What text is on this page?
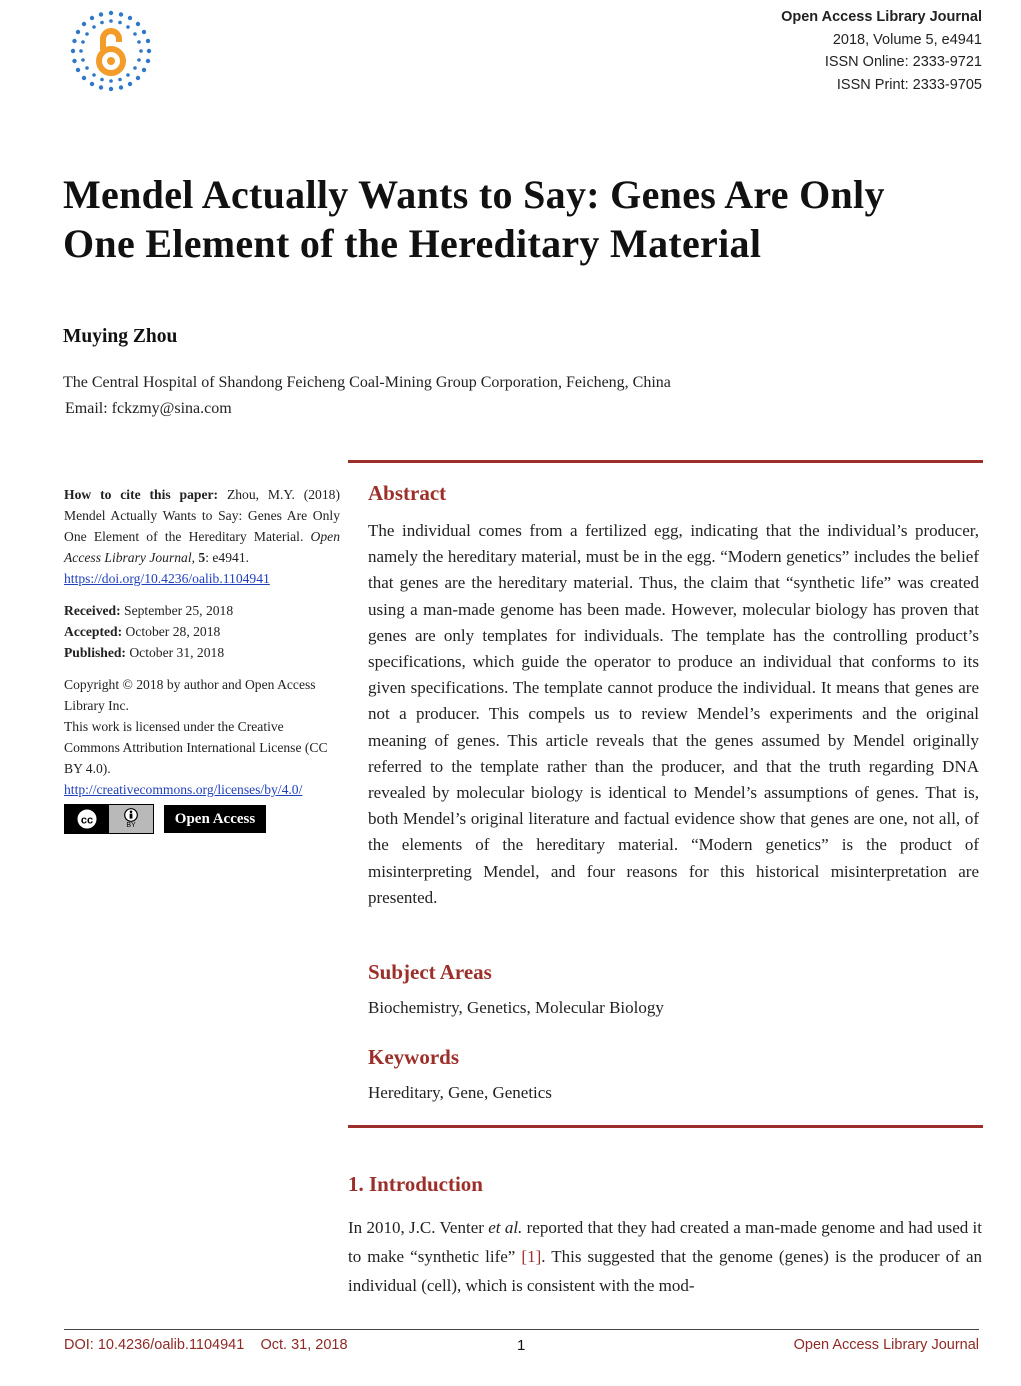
Open Access Library Journal
2018, Volume 5, e4941
ISSN Online: 2333-9721
ISSN Print: 2333-9705
Mendel Actually Wants to Say: Genes Are Only
One Element of the Hereditary Material
Muying Zhou
The Central Hospital of Shandong Feicheng Coal-Mining Group Corporation, Feicheng, China
Email: fckzmy@sina.com
How to cite this paper: Zhou, M.Y. (2018) Mendel Actually Wants to Say: Genes Are Only One Element of the Hereditary Material. Open Access Library Journal, 5: e4941.
https://doi.org/10.4236/oalib.1104941
Received: September 25, 2018
Accepted: October 28, 2018
Published: October 31, 2018
Copyright © 2018 by author and Open Access Library Inc.
This work is licensed under the Creative Commons Attribution International License (CC BY 4.0).
http://creativecommons.org/licenses/by/4.0/
cc	BY	Open Access
Abstract
The individual comes from a fertilized egg, indicating that the individual’s producer, namely the hereditary material, must be in the egg. “Modern genetics” includes the belief that genes are the hereditary material. Thus, the claim that “synthetic life” was created using a man-made genome has been made. However, molecular biology has proven that genes are only templates for individuals. The template has the controlling product’s specifications, which guide the operator to produce an individual that conforms to its given specifications. The template cannot produce the individual. It means that genes are not a producer. This compels us to review Mendel’s experiments and the original meaning of genes. This article reveals that the genes assumed by Mendel originally referred to the template rather than the producer, and that the truth regarding DNA revealed by molecular biology is identical to Mendel’s assumptions of genes. That is, both Mendel’s original literature and factual evidence show that genes are one, not all, of the elements of the hereditary material. “Modern genetics” is the product of misinterpreting Mendel, and four reasons for this historical misinterpretation are presented.
Subject Areas
Biochemistry, Genetics, Molecular Biology
Keywords
Hereditary, Gene, Genetics
1. Introduction
In 2010, J.C. Venter et al. reported that they had created a man-made genome and had used it to make “synthetic life” [1]. This suggested that the genome (genes) is the producer of an individual (cell), which is consistent with the mod-
DOI: 10.4236/oalib.1104941 Oct. 31, 2018	1	Open Access Library Journal
